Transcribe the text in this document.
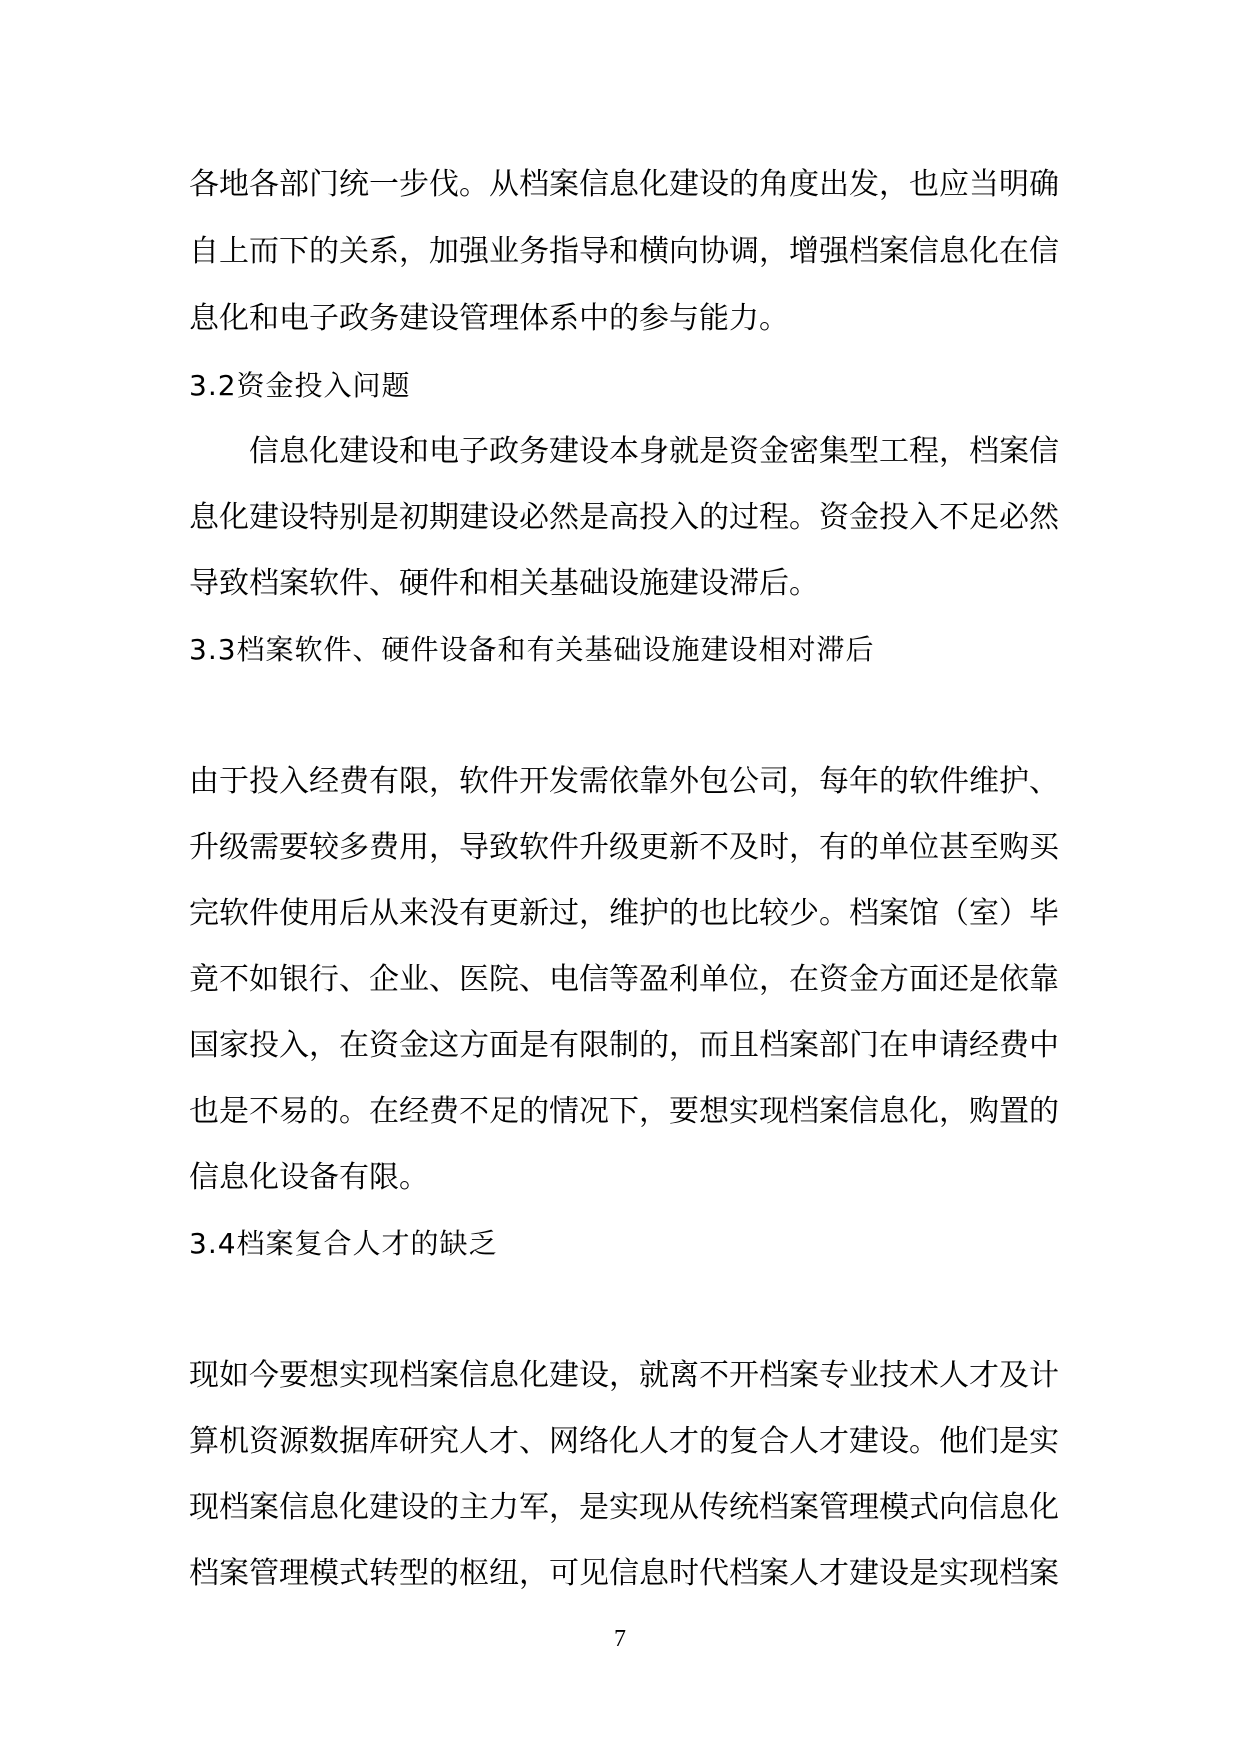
各地各部门统一步伐。从档案信息化建设的角度出发，也应当明确
自上而下的关系，加强业务指导和横向协调，增强档案信息化在信
息化和电子政务建设管理体系中的参与能力。
3.2资金投入问题
信息化建设和电子政务建设本身就是资金密集型工程，档案信
息化建设特别是初期建设必然是高投入的过程。资金投入不足必然
导致档案软件、硬件和相关基础设施建设滞后。
3.3档案软件、硬件设备和有关基础设施建设相对滞后
由于投入经费有限，软件开发需依靠外包公司，每年的软件维护、
升级需要较多费用，导致软件升级更新不及时，有的单位甚至购买
完软件使用后从来没有更新过，维护的也比较少。档案馆（室）毕
竟不如银行、企业、医院、电信等盈利单位，在资金方面还是依靠
国家投入，在资金这方面是有限制的，而且档案部门在申请经费中
也是不易的。在经费不足的情况下，要想实现档案信息化，购置的
信息化设备有限。
3.4档案复合人才的缺乏
现如今要想实现档案信息化建设，就离不开档案专业技术人才及计
算机资源数据库研究人才、网络化人才的复合人才建设。他们是实
现档案信息化建设的主力军，是实现从传统档案管理模式向信息化
档案管理模式转型的枢纽，可见信息时代档案人才建设是实现档案
7
